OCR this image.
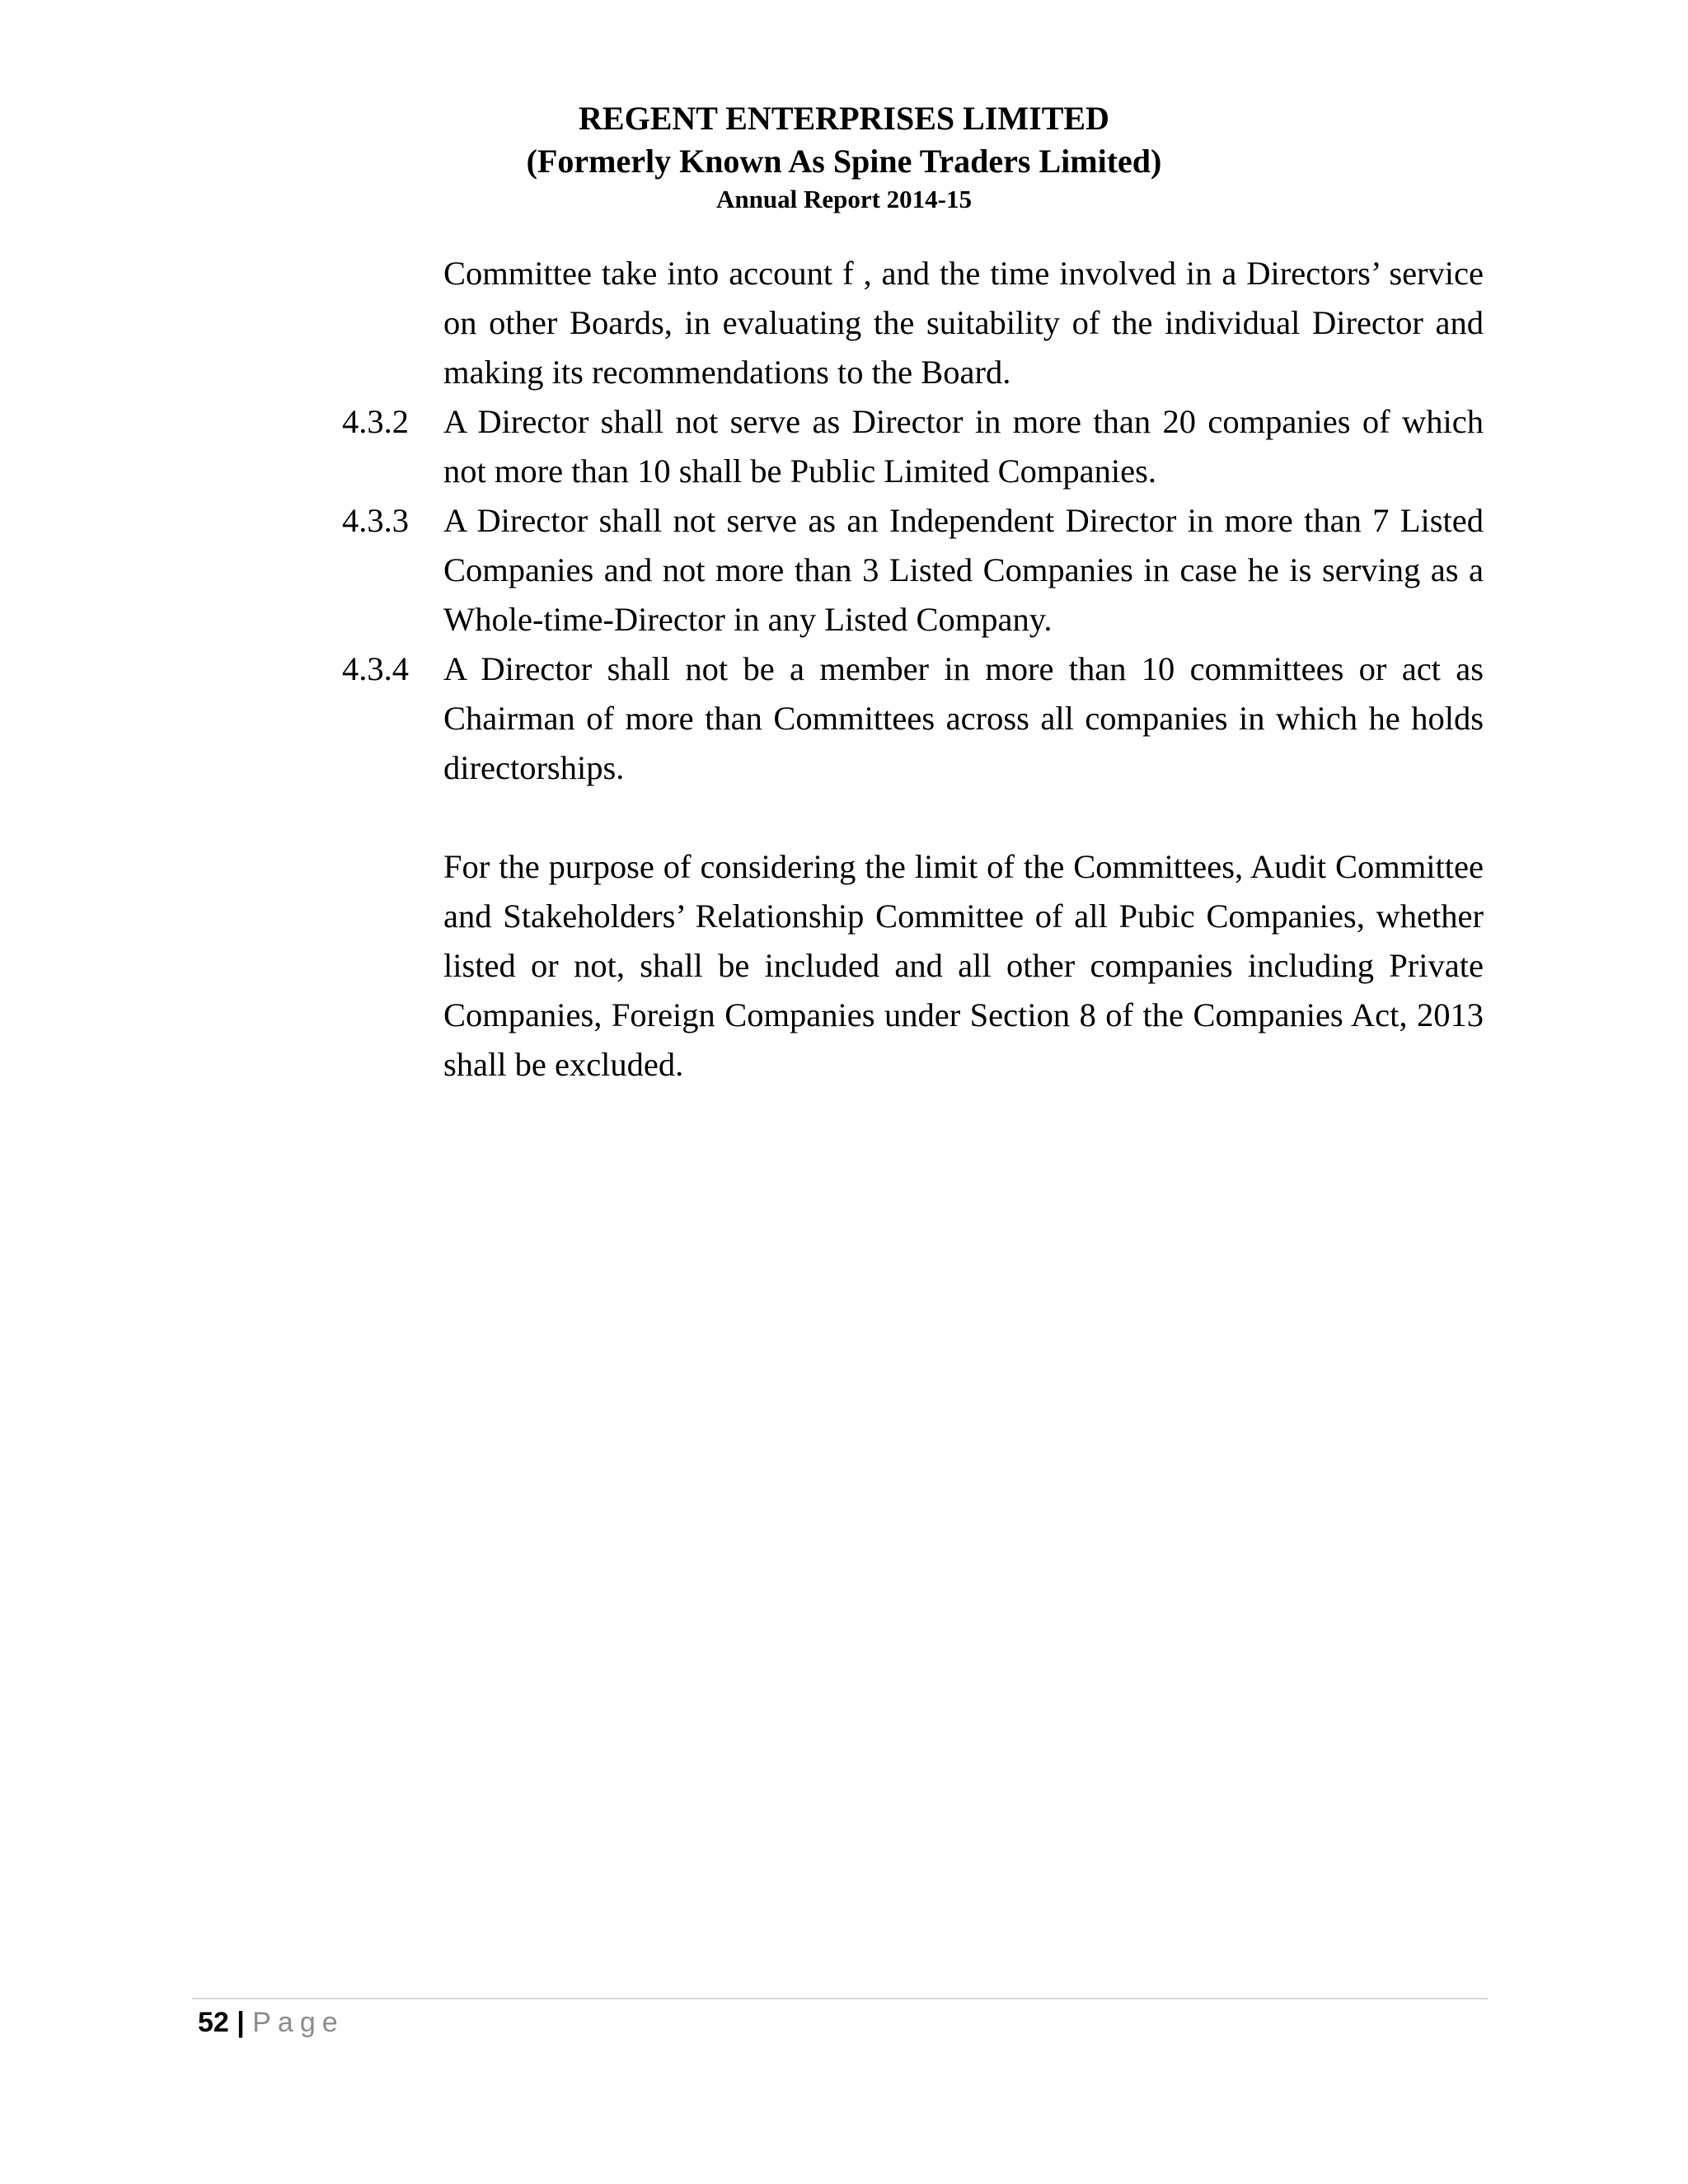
REGENT ENTERPRISES LIMITED
(Formerly Known As Spine Traders Limited)
Annual Report 2014-15
Committee take into account f , and the time involved in a Directors’ service on other Boards, in evaluating the suitability of the individual Director and making its recommendations to the Board.
4.3.2	A Director shall not serve as Director in more than 20 companies of which not more than 10 shall be Public Limited Companies.
4.3.3	A Director shall not serve as an Independent Director in more than 7 Listed Companies and not more than 3 Listed Companies in case he is serving as a Whole-time-Director in any Listed Company.
4.3.4	A Director shall not be a member in more than 10 committees or act as Chairman of more than Committees across all companies in which he holds directorships.
For the purpose of considering the limit of the Committees, Audit Committee and Stakeholders’ Relationship Committee of all Pubic Companies, whether listed or not, shall be included and all other companies including Private Companies, Foreign Companies under Section 8 of the Companies Act, 2013 shall be excluded.
52 | Page
